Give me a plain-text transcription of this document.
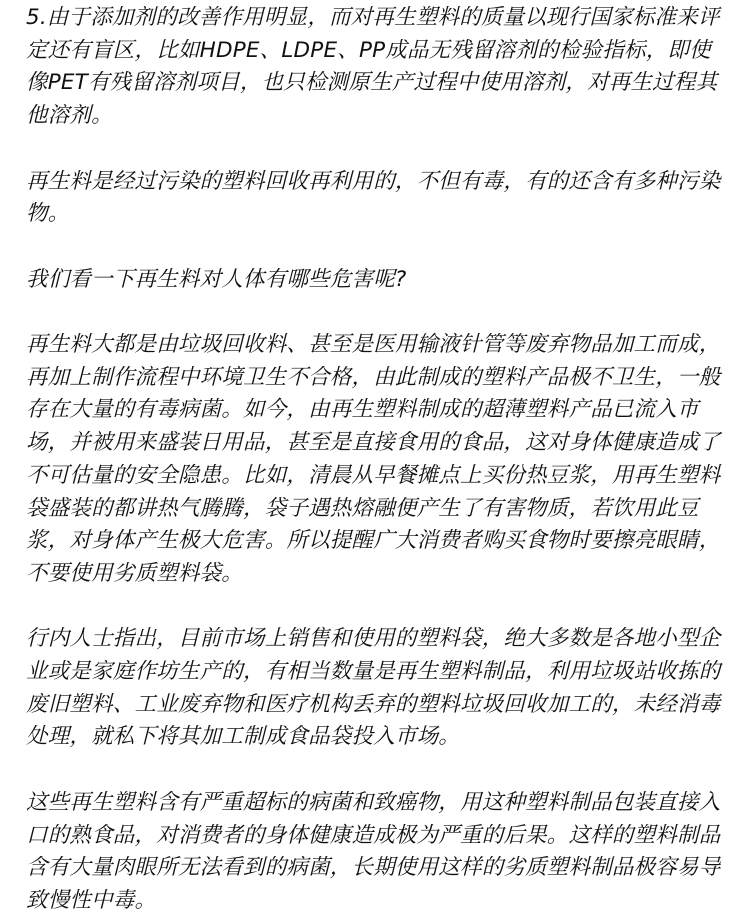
5.由于添加剂的改善作用明显，而对再生塑料的质量以现行国家标准来评定还有盲区，比如HDPE、LDPE、PP成品无残留溶剂的检验指标，即使像PET有残留溶剂项目，也只检测原生产过程中使用溶剂，对再生过程其他溶剂。

再生料是经过污染的塑料回收再利用的，不但有毒，有的还含有多种污染物。

我们看一下再生料对人体有哪些危害呢?

再生料大都是由垃圾回收料、甚至是医用输液针管等废弃物品加工而成，再加上制作流程中环境卫生不合格，由此制成的塑料产品极不卫生，一般存在大量的有毒病菌。如今，由再生塑料制成的超薄塑料产品已流入市场，并被用来盛装日用品，甚至是直接食用的食品，这对身体健康造成了不可估量的安全隐患。比如，清晨从早餐摊点上买份热豆浆，用再生塑料袋盛装的都讲热气腾腾，袋子遇热熔融便产生了有害物质，若饮用此豆浆，对身体产生极大危害。所以提醒广大消费者购买食物时要擦亮眼睛，不要使用劣质塑料袋。

行内人士指出，目前市场上销售和使用的塑料袋，绝大多数是各地小型企业或是家庭作坊生产的，有相当数量是再生塑料制品，利用垃圾站收拣的废旧塑料、工业废弃物和医疗机构丢弃的塑料垃圾回收加工的，未经消毒处理，就私下将其加工制成食品袋投入市场。

这些再生塑料含有严重超标的病菌和致癌物，用这种塑料制品包装直接入口的熟食品，对消费者的身体健康造成极为严重的后果。这样的塑料制品含有大量肉眼所无法看到的病菌，长期使用这样的劣质塑料制品极容易导致慢性中毒。
